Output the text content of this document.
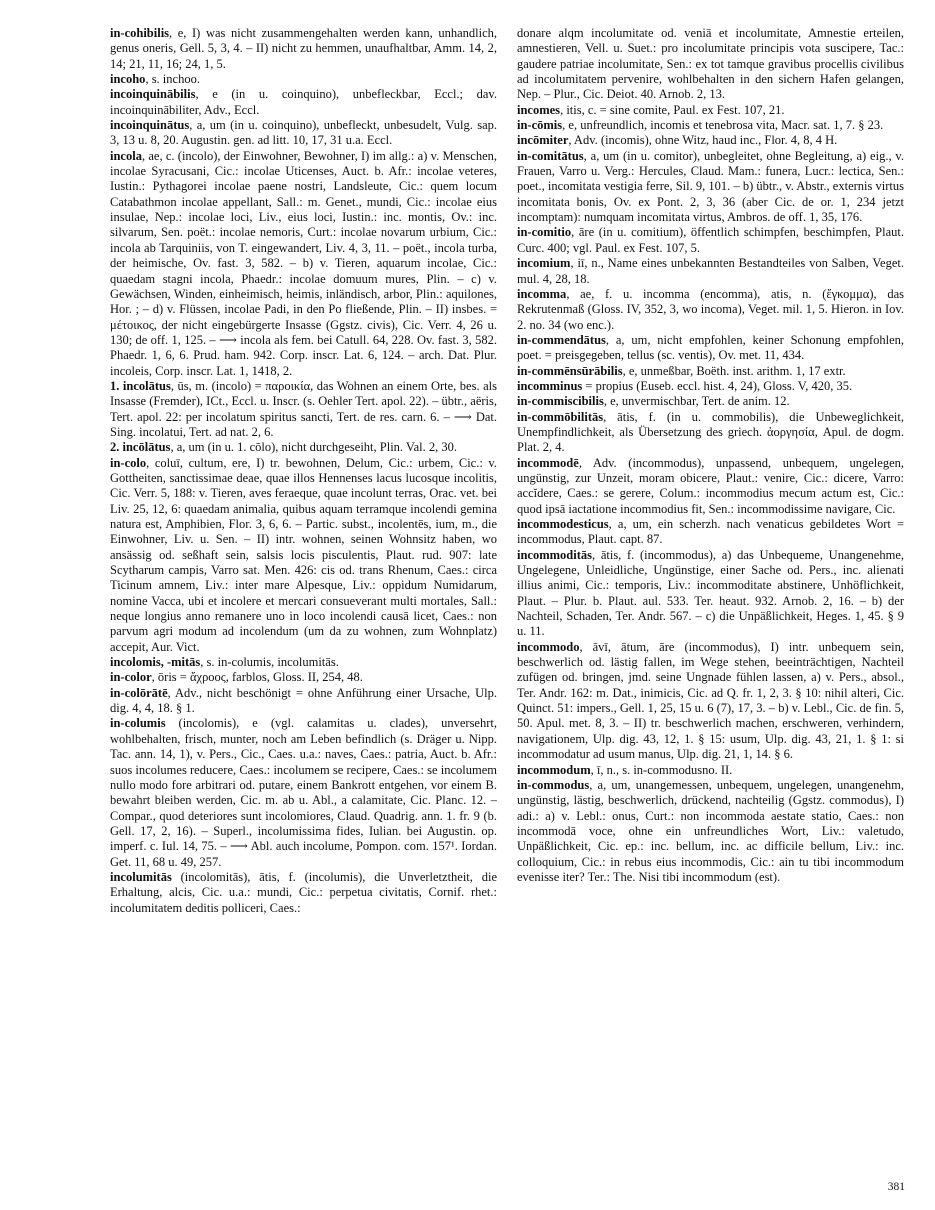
in-cohibilis, e, I) was nicht zusammengehalten werden kann, unhandlich, genus oneris, Gell. 5, 3, 4. – II) nicht zu hemmen, unaufhaltbar, Amm. 14, 2, 14; 21, 11, 16; 24, 1, 5.

incoho, s. inchoo.

incoinquinābilis, e (in u. coinquino), unbefleckbar, Eccl.; dav. incoinquinābiliter, Adv., Eccl.

incoinquinātus, a, um (in u. coinquino), unbefleckt, unbesudelt, Vulg. sap. 3, 13 u. 8, 20. Augustin. gen. ad litt. 10, 17, 31 u.a. Eccl.

incola, ae, c. (incolo), der Einwohner, Bewohner, I) im allg.: a) v. Menschen, incolae Syracusani, Cic.: incolae Uticenses, Auct. b. Afr.: incolae veteres, Iustin.: Pythagorei incolae paene nostri, Landsleute, Cic.: quem locum Catabathmon incolae appellant, Sall.: m. Genet., mundi, Cic.: incolae eius insulae, Nep.: incolae loci, Liv., eius loci, Iustin.: inc. montis, Ov.: inc. silvarum, Sen. poët.: incolae nemoris, Curt.: incolae novarum urbium, Cic.: incola ab Tarquiniis, von T. eingewandert, Liv. 4, 3, 11. – poët., incola turba, der heimische, Ov. fast. 3, 582. – b) v. Tieren, aquarum incolae, Cic.: quaedam stagni incola, Phaedr.: incolae domuum mures, Plin. – c) v. Gewächsen, Winden, einheimisch, heimis, inländisch, arbor, Plin.: aquilones, Hor. ; – d) v. Flüssen, incolae Padi, in den Po fließende, Plin. – II) insbes. = μέτοικος, der nicht eingebürgerte Insasse (Ggstz. civis), Cic. Verr. 4, 26 u. 130; de off. 1, 125. – ⟶ incola als fem. bei Catull. 64, 228. Ov. fast. 3, 582. Phaedr. 1, 6, 6. Prud. ham. 942. Corp. inscr. Lat. 6, 124. – arch. Dat. Plur. incoleis, Corp. inscr. Lat. 1, 1418, 2.

1. incolātus, ūs, m. (incolo) = παροικία, das Wohnen an einem Orte, bes. als Insasse (Fremder), ICt., Eccl. u. Inscr. (s. Oehler Tert. apol. 22). – übtr., aëris, Tert. apol. 22: per incolatum spiritus sancti, Tert. de res. carn. 6. – ⟶ Dat. Sing. incolatui, Tert. ad nat. 2, 6.

2. incōlātus, a, um (in u. 1. cōlo), nicht durchgeseiht, Plin. Val. 2, 30.

in-colo, coluī, cultum, ere, I) tr. bewohnen, Delum, Cic.: urbem, Cic.: v. Gottheiten, sanctissimae deae, quae illos Hennenses lacus lucosque incolitis, Cic. Verr. 5, 188: v. Tieren, aves feraeque, quae incolunt terras, Orac. vet. bei Liv. 25, 12, 6: quaedam animalia, quibus aquam terramque incolendi gemina natura est, Amphibien, Flor. 3, 6, 6. – Partic. subst., incolentēs, ium, m., die Einwohner, Liv. u. Sen. – II) intr. wohnen, seinen Wohnsitz haben, wo ansässig od. seßhaft sein, salsis locis pisculentis, Plaut. rud. 907: late Scytharum campis, Varro sat. Men. 426: cis od. trans Rhenum, Caes.: circa Ticinum amnem, Liv.: inter mare Alpesque, Liv.: oppidum Numidarum, nomine Vacca, ubi et incolere et mercari consueverant multi mortales, Sall.: neque longius anno remanere uno in loco incolendi causā licet, Caes.: non parvum agri modum ad incolendum (um da zu wohnen, zum Wohnplatz) accepit, Aur. Vict.

incolomis, -mitās, s. in-columis, incolumitās.

in-color, ōris = ἄχροος, farblos, Gloss. II, 254, 48.

in-colōrātē, Adv., nicht beschönigt = ohne Anführung einer Ursache, Ulp. dig. 4, 4, 18. § 1.

in-columis (incolomis), e (vgl. calamitas u. clades), unversehrt, wohlbehalten, frisch, munter, noch am Leben befindlich (s. Dräger u. Nipp. Tac. ann. 14, 1), v. Pers., Cic., Caes. u.a.: naves, Caes.: patria, Auct. b. Afr.: suos incolumes reducere, Caes.: incolumem se recipere, Caes.: se incolumem nullo modo fore arbitrari od. putare, einem Bankrott entgehen, vor einem B. bewahrt bleiben werden, Cic. m. ab u. Abl., a calamitate, Cic. Planc. 12. – Compar., quod deteriores sunt incolomiores, Claud. Quadrig. ann. 1. fr. 9 (b. Gell. 17, 2, 16). – Superl., incolumissima fides, Iulian. bei Augustin. op. imperf. c. Iul. 14, 75. – ⟶ Abl. auch incolume, Pompon. com. 157¹. Iordan. Get. 11, 68 u. 49, 257.

incolumitās (incolomitās), ātis, f. (incolumis), die Unverletztheit, die Erhaltung, alcis, Cic. u.a.: mundi, Cic.: perpetua civitatis, Cornif. rhet.: incolumitatem deditis polliceri, Caes.:

donare alqm incolumitate od. veniā et incolumitate, Amnestie erteilen, amnestieren, Vell. u. Suet.: pro incolumitate principis vota suscipere, Tac.: gaudere patriae incolumitate, Sen.: ex tot tamque gravibus procellis civilibus ad incolumitatem pervenire, wohlbehalten in den sichern Hafen gelangen, Nep. – Plur., Cic. Deiot. 40. Arnob. 2, 13.

incomes, itis, c. = sine comite, Paul. ex Fest. 107, 21.

in-cōmis, e, unfreundlich, incomis et tenebrosa vita, Macr. sat. 1, 7. § 23.

incōmiter, Adv. (incomis), ohne Witz, haud inc., Flor. 4, 8, 4 H.

in-comitātus, a, um (in u. comitor), unbegleitet, ohne Begleitung, a) eig., v. Frauen, Varro u. Verg.: Hercules, Claud. Mam.: funera, Lucr.: lectica, Sen.: poet., incomitata vestigia ferre, Sil. 9, 101. – b) übtr., v. Abstr., externis virtus incomitata bonis, Ov. ex Pont. 2, 3, 36 (aber Cic. de or. 1, 234 jetzt incomptam): numquam incomitata virtus, Ambros. de off. 1, 35, 176.

in-comitio, āre (in u. comitium), öffentlich schimpfen, beschimpfen, Plaut. Curc. 400; vgl. Paul. ex Fest. 107, 5.

incomium, iī, n., Name eines unbekannten Bestandteiles von Salben, Veget. mul. 4, 28, 18.

incomma, ae, f. u. incomma (encomma), atis, n. (ἔγκομμα), das Rekrutenmaß (Gloss. IV, 352, 3, wo incoma), Veget. mil. 1, 5. Hieron. in Iov. 2. no. 34 (wo enc.).

in-commendātus, a, um, nicht empfohlen, keiner Schonung empfohlen, poet. = preisgegeben, tellus (sc. ventis), Ov. met. 11, 434.

in-commēnsūrābilis, e, unmeßbar, Boëth. inst. arithm. 1, 17 extr.

incomminus = propius (Euseb. eccl. hist. 4, 24), Gloss. V, 420, 35.

in-commiscibilis, e, unvermischbar, Tert. de anim. 12.

in-commōbilitās, ātis, f. (in u. commobilis), die Unbeweglichkeit, Unempfindlichkeit, als Übersetzung des griech. ἀοργησία, Apul. de dogm. Plat. 2, 4.

incommodē, Adv. (incommodus), unpassend, unbequem, ungelegen, ungünstig, zur Unzeit, moram obicere, Plaut.: venire, Cic.: dicere, Varro: accĭdere, Caes.: se gerere, Colum.: incommodius mecum actum est, Cic.: quod ipsā iactatione incommodius fit, Sen.: incommodissime navigare, Cic.

incommodesticus, a, um, ein scherzh. nach venaticus gebildetes Wort = incommodus, Plaut. capt. 87.

incommoditās, ātis, f. (incommodus), a) das Unbequeme, Unangenehme, Ungelegene, Unleidliche, Ungünstige, einer Sache od. Pers., inc. alienati illius animi, Cic.: temporis, Liv.: incommoditate abstinere, Unhöflichkeit, Plaut. – Plur. b. Plaut. aul. 533. Ter. heaut. 932. Arnob. 2, 16. – b) der Nachteil, Schaden, Ter. Andr. 567. – c) die Unpäßlichkeit, Heges. 1, 45. § 9 u. 11.

incommodo, āvī, ātum, āre (incommodus), I) intr. unbequem sein, beschwerlich od. lästig fallen, im Wege stehen, beeinträchtigen, Nachteil zufügen od. bringen, jmd. seine Ungnade fühlen lassen, a) v. Pers., absol., Ter. Andr. 162: m. Dat., inimicis, Cic. ad Q. fr. 1, 2, 3. § 10: nihil alteri, Cic. Quinct. 51: impers., Gell. 1, 25, 15 u. 6 (7), 17, 3. – b) v. Lebl., Cic. de fin. 5, 50. Apul. met. 8, 3. – II) tr. beschwerlich machen, erschweren, verhindern, navigationem, Ulp. dig. 43, 12, 1. § 15: usum, Ulp. dig. 43, 21, 1. § 1: si incommodatur ad usum manus, Ulp. dig. 21, 1, 14. § 6.

incommodum, ī, n., s. in-commodusno. II.

in-commodus, a, um, unangemessen, unbequem, ungelegen, unangenehm, ungünstig, lästig, beschwerlich, drückend, nachteilig (Ggstz. commodus), I) adi.: a) v. Lebl.: onus, Curt.: non incommoda aestate statio, Caes.: non incommodā voce, ohne ein unfreundliches Wort, Liv.: valetudo, Unpäßlichkeit, Cic. ep.: inc. bellum, inc. ac difficile bellum, Liv.: inc. colloquium, Cic.: in rebus eius incommodis, Cic.: ain tu tibi incommodum evenisse iter? Ter.: The. Nisi tibi incommodum (est).

381
